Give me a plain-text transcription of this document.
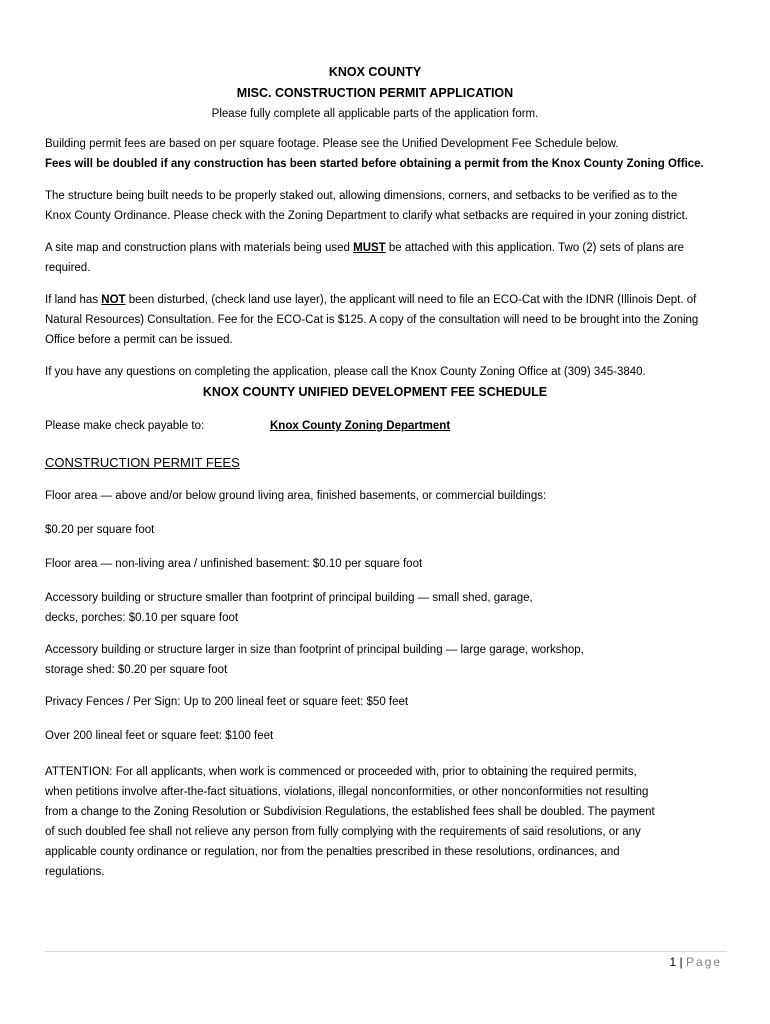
KNOX COUNTY
MISC. CONSTRUCTION PERMIT APPLICATION
Please fully complete all applicable parts of the application form.

Building permit fees are based on per square footage. Please see the Unified Development Fee Schedule below.
Fees will be doubled if any construction has been started before obtaining a permit from the Knox County Zoning Office.

The structure being built needs to be properly staked out, allowing dimensions, corners, and setbacks to be verified as to the Knox County Ordinance. Please check with the Zoning Department to clarify what setbacks are required in your zoning district.

A site map and construction plans with materials being used MUST be attached with this application. Two (2) sets of plans are required.

If land has NOT been disturbed, (check land use layer), the applicant will need to file an ECO-Cat with the IDNR (Illinois Dept. of Natural Resources) Consultation. Fee for the ECO-Cat is $125. A copy of the consultation will need to be brought into the Zoning Office before a permit can be issued.

If you have any questions on completing the application, please call the Knox County Zoning Office at (309) 345-3840.

KNOX COUNTY UNIFIED DEVELOPMENT FEE SCHEDULE
Please make check payable to:	Knox County Zoning Department
CONSTRUCTION PERMIT FEES

Floor area — above and/or below ground living area, finished basements, or commercial buildings:

$0.20 per square foot

Floor area — non-living area / unfinished basement: $0.10 per square foot

Accessory building or structure smaller than footprint of principal building — small shed, garage, decks, porches: $0.10 per square foot

Accessory building or structure larger in size than footprint of principal building — large garage, workshop, storage shed: $0.20 per square foot

Privacy Fences / Per Sign: Up to 200 lineal feet or square feet: $50 feet

Over 200 lineal feet or square feet: $100 feet

ATTENTION: For all applicants, when work is commenced or proceeded with, prior to obtaining the required permits, when petitions involve after-the-fact situations, violations, illegal nonconformities, or other nonconformities not resulting from a change to the Zoning Resolution or Subdivision Regulations, the established fees shall be doubled. The payment of such doubled fee shall not relieve any person from fully complying with the requirements of said resolutions, or any applicable county ordinance or regulation, nor from the penalties prescribed in these resolutions, ordinances, and regulations.

1 | Page
